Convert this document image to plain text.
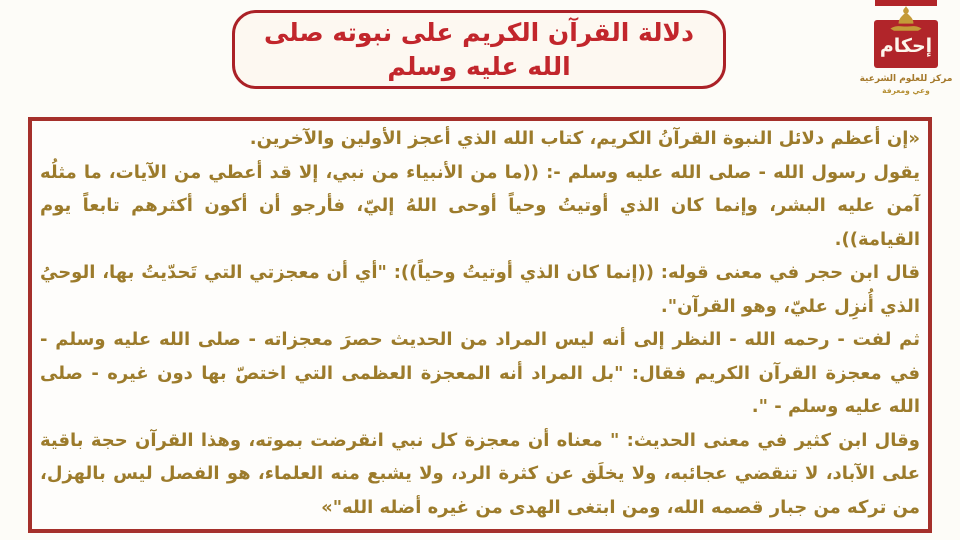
دلالة القرآن الكريم على نبوته صلى
الله عليه وسلم
إحكام
مركز للعلوم الشرعية
وعي ومعرفة

«إن أعظم دلائل النبوة القرآنُ الكريم، كتاب الله الذي أعجز الأولين والآخرين.

يقول رسول الله - صلى الله عليه وسلم -: ((ما من الأنبياء من نبي، إلا قد أعطي من الآيات، ما مثلُه آمن عليه البشر، وإنما كان الذي أوتيتُ وحياً أوحى اللهُ إليّ، فأرجو أن أكون أكثرهم تابعاً يوم القيامة)).

قال ابن حجر في معنى قوله: ((إنما كان الذي أوتيتُ وحياً)): "أي أن معجزتي التي تَحدّيتُ بها، الوحيُ الذي أُنزِل عليّ، وهو القرآن".

ثم لفت - رحمه الله - النظر إلى أنه ليس المراد من الحديث حصرَ معجزاته - صلى الله عليه وسلم - في معجزة القرآن الكريم فقال: "بل المراد أنه المعجزة العظمى التي اختصّ بها دون غيره - صلى الله عليه وسلم - ".

وقال ابن كثير في معنى الحديث: " معناه أن معجزة كل نبي انقرضت بموته، وهذا القرآن حجة باقية على الآباد، لا تنقضي عجائبه، ولا يخلَق عن كثرة الرد، ولا يشبع منه العلماء، هو الفصل ليس بالهزل، من تركه من جبار قصمه الله، ومن ابتغى الهدى من غيره أضله الله"»
